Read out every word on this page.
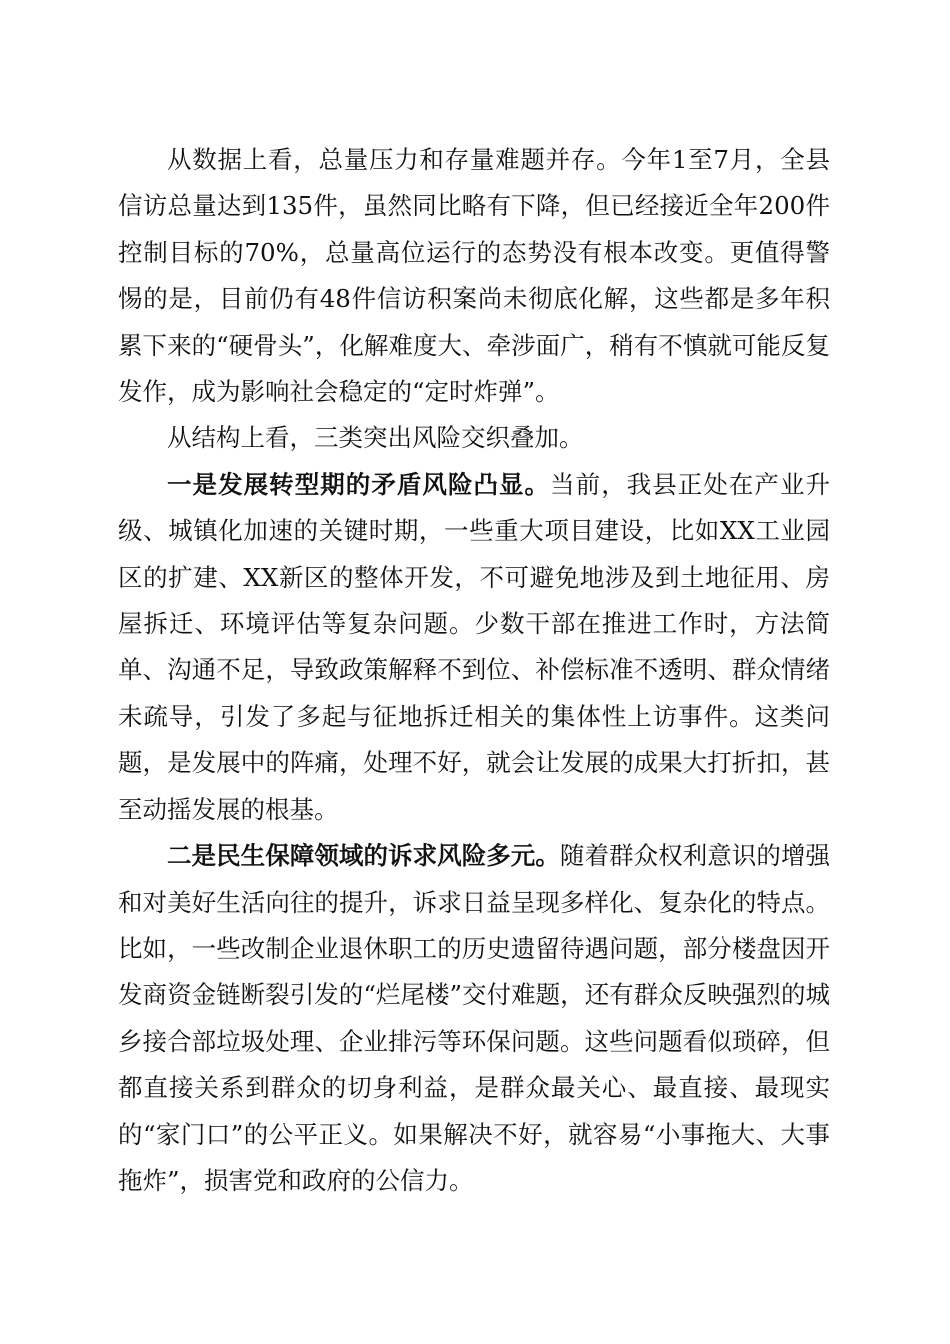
从数据上看，总量压力和存量难题并存。今年1至7月，全县信访总量达到135件，虽然同比略有下降，但已经接近全年200件控制目标的70%，总量高位运行的态势没有根本改变。更值得警惕的是，目前仍有48件信访积案尚未彻底化解，这些都是多年积累下来的“硬骨头”，化解难度大、牵涉面广，稍有不慎就可能反复发作，成为影响社会稳定的“定时炸弹”。

从结构上看，三类突出风险交织叠加。

一是发展转型期的矛盾风险凸显。当前，我县正处在产业升级、城镇化加速的关键时期，一些重大项目建设，比如XX工业园区的扩建、XX新区的整体开发，不可避免地涉及到土地征用、房屋拆迁、环境评估等复杂问题。少数干部在推进工作时，方法简单、沟通不足，导致政策解释不到位、补偿标准不透明、群众情绪未疏导，引发了多起与征地拆迁相关的集体性上访事件。这类问题，是发展中的阵痛，处理不好，就会让发展的成果大打折扣，甚至动摇发展的根基。

二是民生保障领域的诉求风险多元。随着群众权利意识的增强和对美好生活向往的提升，诉求日益呈现多样化、复杂化的特点。比如，一些改制企业退休职工的历史遗留待遇问题，部分楼盘因开发商资金链断裂引发的“烂尾楼”交付难题，还有群众反映强烈的城乡接合部垃圾处理、企业排污等环保问题。这些问题看似琐碎，但都直接关系到群众的切身利益，是群众最关心、最直接、最现实的“家门口”的公平正义。如果解决不好，就容易“小事拖大、大事拖炸”，损害党和政府的公信力。
